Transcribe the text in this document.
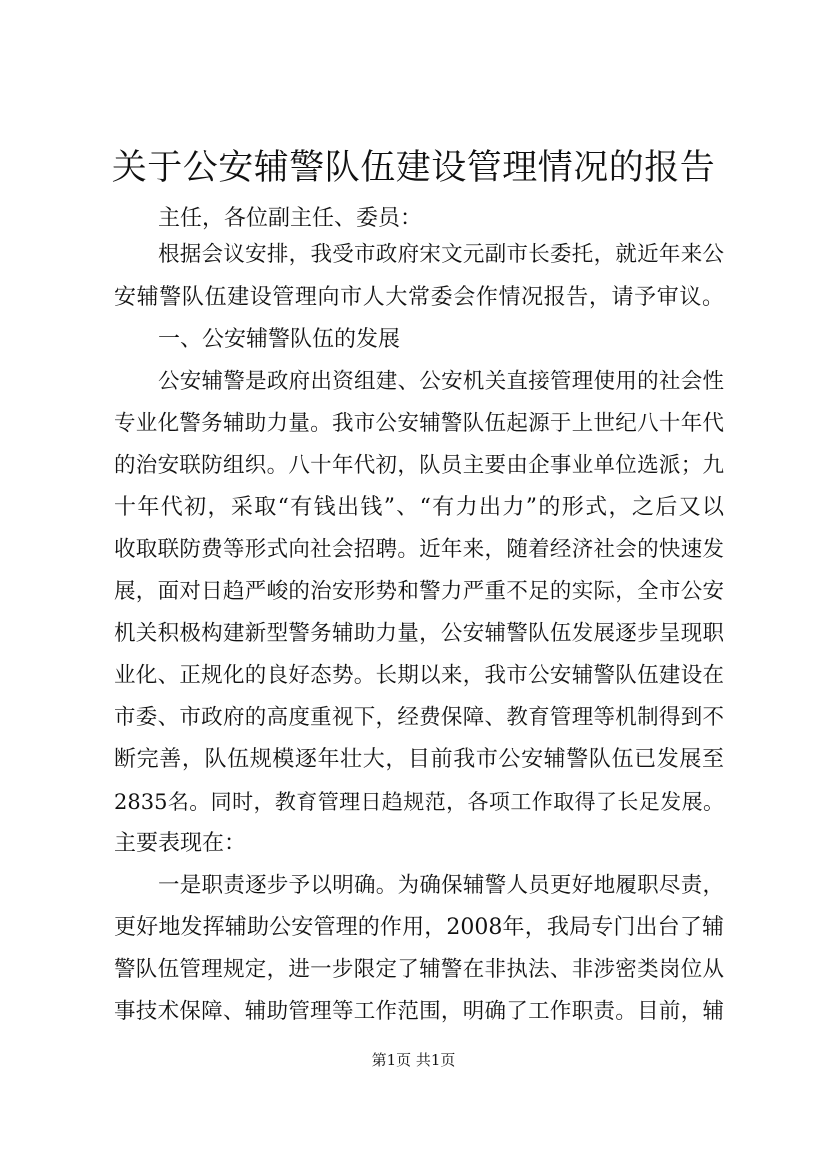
关于公安辅警队伍建设管理情况的报告

主任，各位副主任、委员：

根据会议安排，我受市政府宋文元副市长委托，就近年来公

安辅警队伍建设管理向市人大常委会作情况报告，请予审议。

一、公安辅警队伍的发展

公安辅警是政府出资组建、公安机关直接管理使用的社会性

专业化警务辅助力量。我市公安辅警队伍起源于上世纪八十年代

的治安联防组织。八十年代初，队员主要由企事业单位选派；九

十年代初，采取“有钱出钱”、“有力出力”的形式，之后又以

收取联防费等形式向社会招聘。近年来，随着经济社会的快速发

展，面对日趋严峻的治安形势和警力严重不足的实际，全市公安

机关积极构建新型警务辅助力量，公安辅警队伍发展逐步呈现职

业化、正规化的良好态势。长期以来，我市公安辅警队伍建设在

市委、市政府的高度重视下，经费保障、教育管理等机制得到不

断完善，队伍规模逐年壮大，目前我市公安辅警队伍已发展至

2835名。同时，教育管理日趋规范，各项工作取得了长足发展。

主要表现在：

一是职责逐步予以明确。为确保辅警人员更好地履职尽责，

更好地发挥辅助公安管理的作用，2008年，我局专门出台了辅

警队伍管理规定，进一步限定了辅警在非执法、非涉密类岗位从

事技术保障、辅助管理等工作范围，明确了工作职责。目前，辅

第1页 共1页
